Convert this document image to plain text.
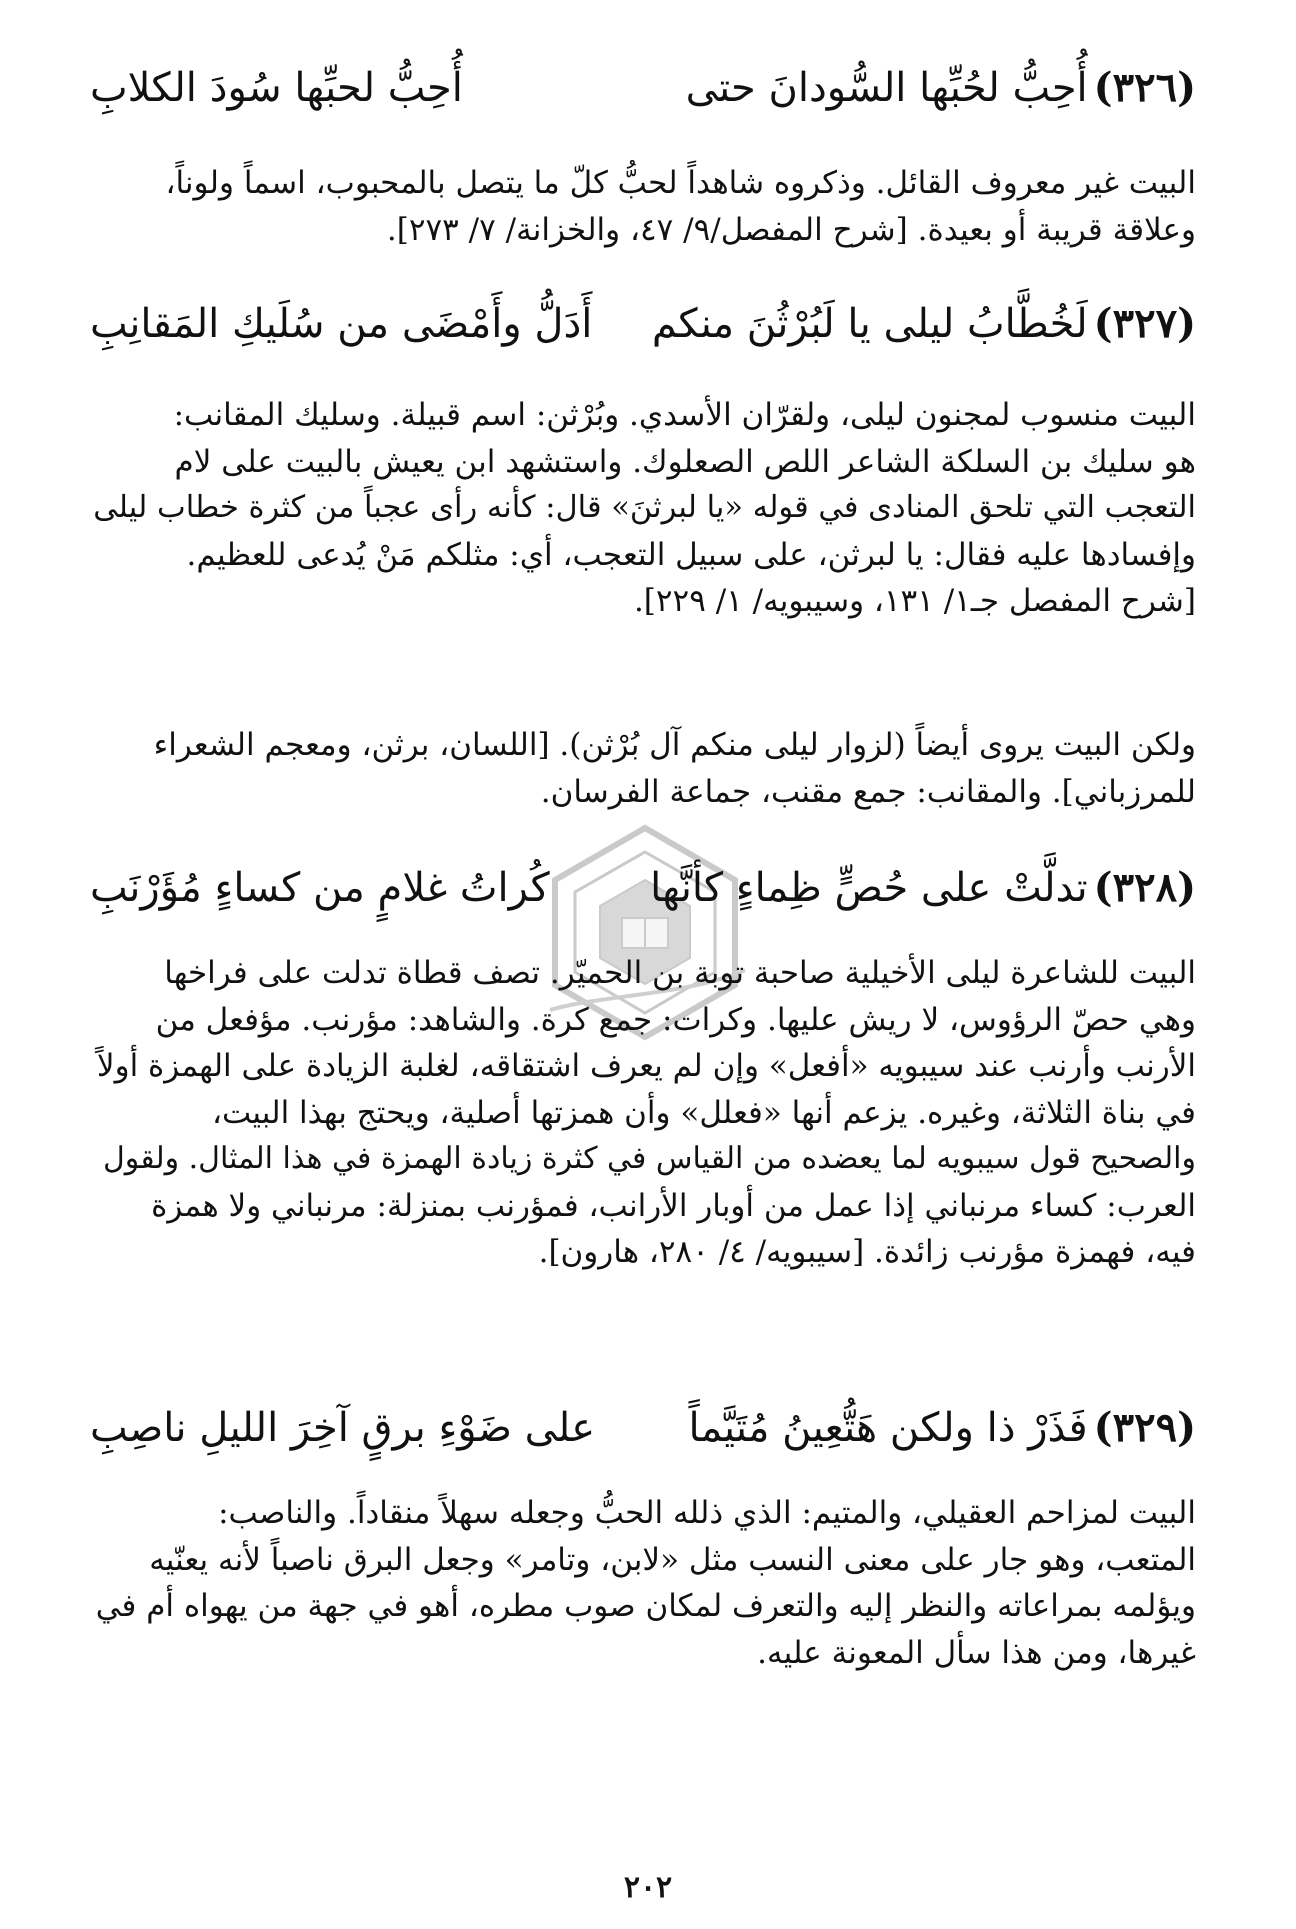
(٣٢٦)
أُحِبُّ لحُبِّها السُّودانَ حتى
أُحِبُّ لحبِّها سُودَ الكلابِ
البيت غير معروف القائل. وذكروه شاهداً لحبُّ كلّ ما يتصل بالمحبوب، اسماً ولوناً،
وعلاقة قريبة أو بعيدة. [شرح المفصل/٩/ ٤٧، والخزانة/ ٧/ ٢٧٣].
(٣٢٧)
لَخُطَّابُ ليلى يا لَبُرْثُنَ منكم
أَدَلُّ وأَمْضَى من سُلَيكِ المَقانِبِ
البيت منسوب لمجنون ليلى، ولقرّان الأسدي. وبُرْثن: اسم قبيلة. وسليك المقانب:
هو سليك بن السلكة الشاعر اللص الصعلوك. واستشهد ابن يعيش بالبيت على لام
التعجب التي تلحق المنادى في قوله «يا لبرثنَ» قال: كأنه رأى عجباً من كثرة خطاب ليلى
وإفسادها عليه فقال: يا لبرثن، على سبيل التعجب، أي: مثلكم مَنْ يُدعى للعظيم.
[شرح المفصل جـ١/ ١٣١، وسيبويه/ ١/ ٢٢٩].
ولكن البيت يروى أيضاً (لزوار ليلى منكم آل بُرْثن). [اللسان، برثن، ومعجم الشعراء
للمرزباني]. والمقانب: جمع مقنب، جماعة الفرسان.
(٣٢٨)
تدلَّتْ على حُصٍّ ظِماءٍ كأنَّها
كُراتُ غلامٍ من كساءٍ مُؤَرْنَبِ
البيت للشاعرة ليلى الأخيلية صاحبة توبة بن الحميّر. تصف قطاة تدلت على فراخها
وهي حصّ الرؤوس، لا ريش عليها. وكرات: جمع كرة. والشاهد: مؤرنب. مؤفعل من
الأرنب وأرنب عند سيبويه «أفعل» وإن لم يعرف اشتقاقه، لغلبة الزيادة على الهمزة أولاً
في بناة الثلاثة، وغيره. يزعم أنها «فعلل» وأن همزتها أصلية، ويحتج بهذا البيت،
والصحيح قول سيبويه لما يعضده من القياس في كثرة زيادة الهمزة في هذا المثال. ولقول
العرب: كساء مرنباني إذا عمل من أوبار الأرانب، فمؤرنب بمنزلة: مرنباني ولا همزة
فيه، فهمزة مؤرنب زائدة. [سيبويه/ ٤/ ٢٨٠، هارون].
(٣٢٩)
فَذَرْ ذا ولكن هَتُّعِينُ مُتَيَّماً
على ضَوْءِ برقٍ آخِرَ الليلِ ناصِبِ
البيت لمزاحم العقيلي، والمتيم: الذي ذلله الحبُّ وجعله سهلاً منقاداً. والناصب:
المتعب، وهو جار على معنى النسب مثل «لابن، وتامر» وجعل البرق ناصباً لأنه يعنّيه
ويؤلمه بمراعاته والنظر إليه والتعرف لمكان صوب مطره، أهو في جهة من يهواه أم في
غيرها، ومن هذا سأل المعونة عليه.
٢٠٢
